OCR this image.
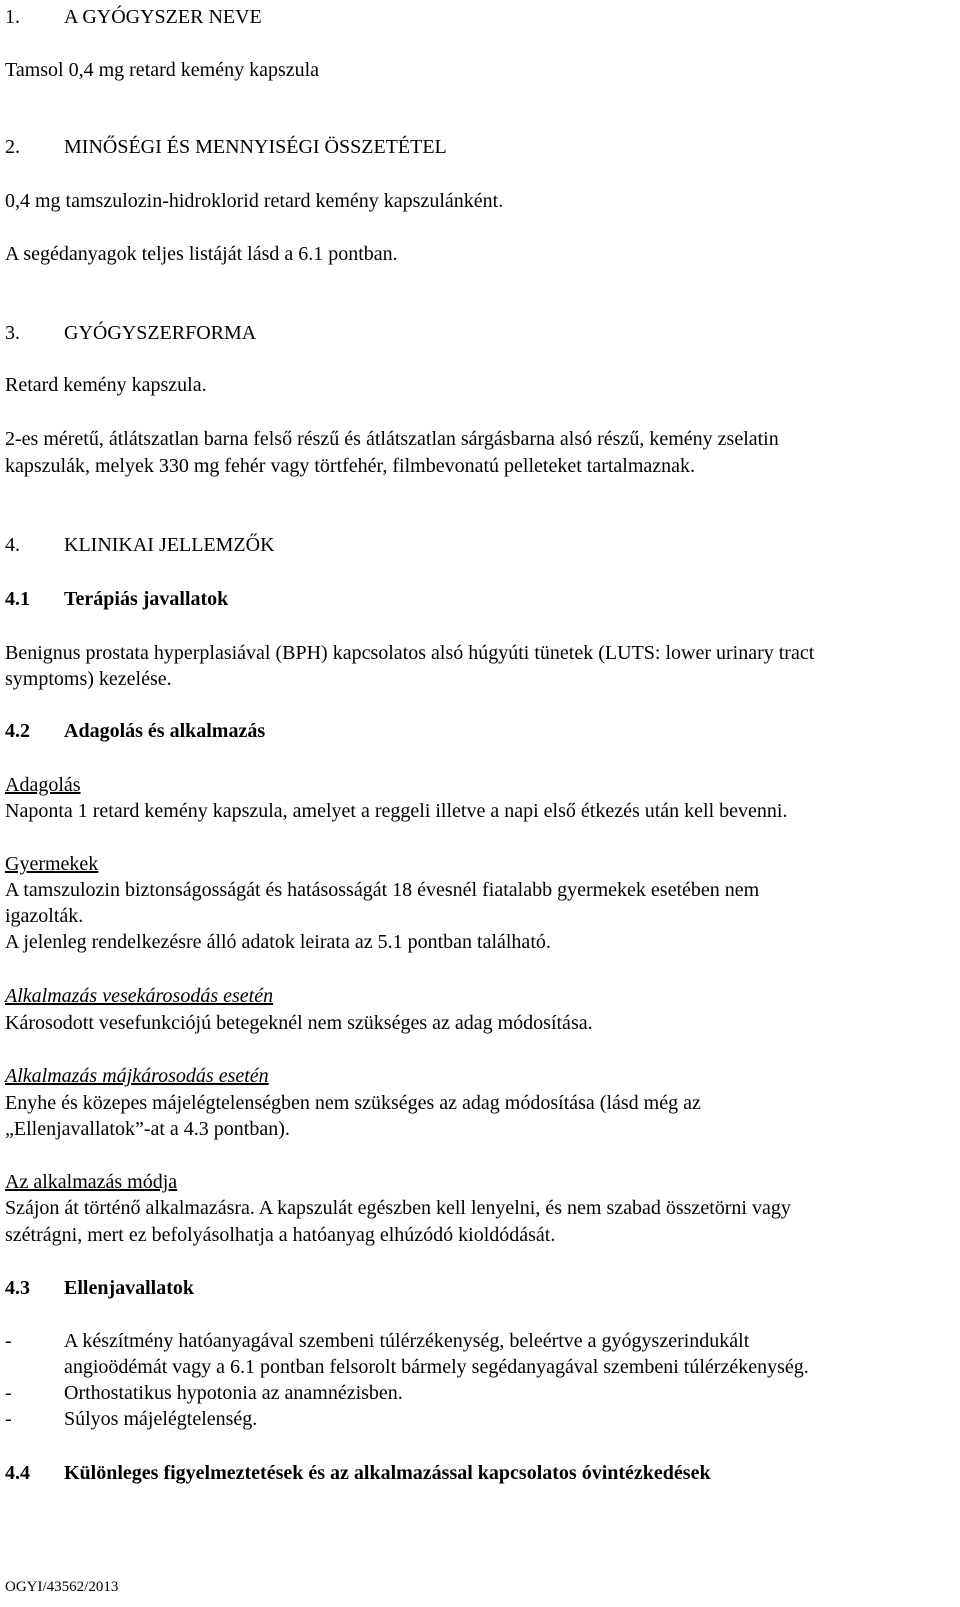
1. A GYÓGYSZER NEVE
Tamsol 0,4 mg retard kemény kapszula
2. MINŐSÉGI ÉS MENNYISÉGI ÖSSZETÉTEL
0,4 mg tamszulozin-hidroklorid retard kemény kapszulánként.
A segédanyagok teljes listáját lásd a 6.1 pontban.
3. GYÓGYSZERFORMA
Retard kemény kapszula.
2-es méretű, átlátszatlan barna felső részű és átlátszatlan sárgásbarna alsó részű, kemény zselatin
kapszulák, melyek 330 mg fehér vagy törtfehér, filmbevonatú pelleteket tartalmaznak.
4. KLINIKAI JELLEMZŐK
4.1 Terápiás javallatok
Benignus prostata hyperplasiával (BPH) kapcsolatos alsó húgyúti tünetek (LUTS: lower urinary tract
symptoms) kezelése.
4.2 Adagolás és alkalmazás
Adagolás
Naponta 1 retard kemény kapszula, amelyet a reggeli illetve a napi első étkezés után kell bevenni.
Gyermekek
A tamszulozin biztonságosságát és hatásosságát 18 évesnél fiatalabb gyermekek esetében nem
igazolták.
A jelenleg rendelkezésre álló adatok leirata az 5.1 pontban található.
Alkalmazás vesekárosodás esetén
Károsodott vesefunkciójú betegeknél nem szükséges az adag módosítása.
Alkalmazás májkárosodás esetén
Enyhe és közepes májelégtelenségben nem szükséges az adag módosítása (lásd még az
„Ellenjavallatok”-at a 4.3 pontban).
Az alkalmazás módja
Szájon át történő alkalmazásra. A kapszulát egészben kell lenyelni, és nem szabad összetörni vagy
szétrágni, mert ez befolyásolhatja a hatóanyag elhúzódó kioldódását.
4.3 Ellenjavallatok
-	A készítmény hatóanyagával szembeni túlérzékenység, beleértve a gyógyszerindukált
angioödémát vagy a 6.1 pontban felsorolt bármely segédanyagával szembeni túlérzékenység.
-	Orthostatikus hypotonia az anamnézisben.
-	Súlyos májelégtelenség.
4.4 Különleges figyelmeztetések és az alkalmazással kapcsolatos óvintézkedések
OGYI/43562/2013
